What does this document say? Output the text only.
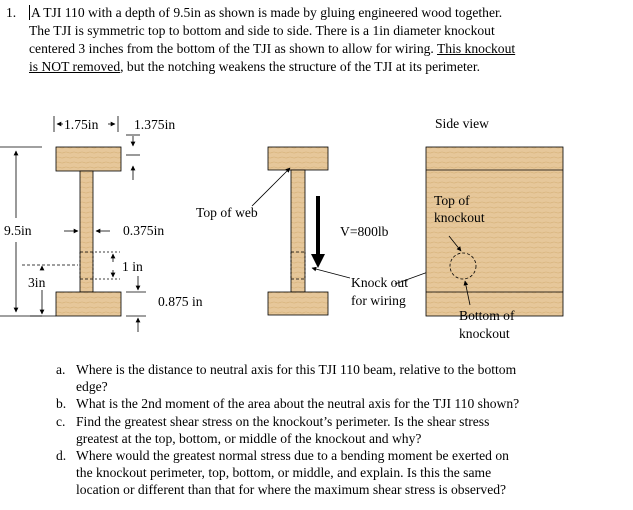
1. A TJI 110 with a depth of 9.5in as shown is made by gluing engineered wood together.
The TJI is symmetric top to bottom and side to side. There is a 1in diameter knockout
centered 3 inches from the bottom of the TJI as shown to allow for wiring. This knockout
is NOT removed, but the notching weakens the structure of the TJI at its perimeter.
1.75in	1.375in
9.5in	0.375in
3in
1 in
0.875 in
Top of web
V=800lb
Knock out
for wiring
Side view
Top of
knockout
Bottom of
knockout
a. Where is the distance to neutral axis for this TJI 110 beam, relative to the bottom
edge?
b. What is the 2nd moment of the area about the neutral axis for the TJI 110 shown?
c. Find the greatest shear stress on the knockout’s perimeter. Is the shear stress
greatest at the top, bottom, or middle of the knockout and why?
d. Where would the greatest normal stress due to a bending moment be exerted on
the knockout perimeter, top, bottom, or middle, and explain. Is this the same
location or different than that for where the maximum shear stress is observed?
